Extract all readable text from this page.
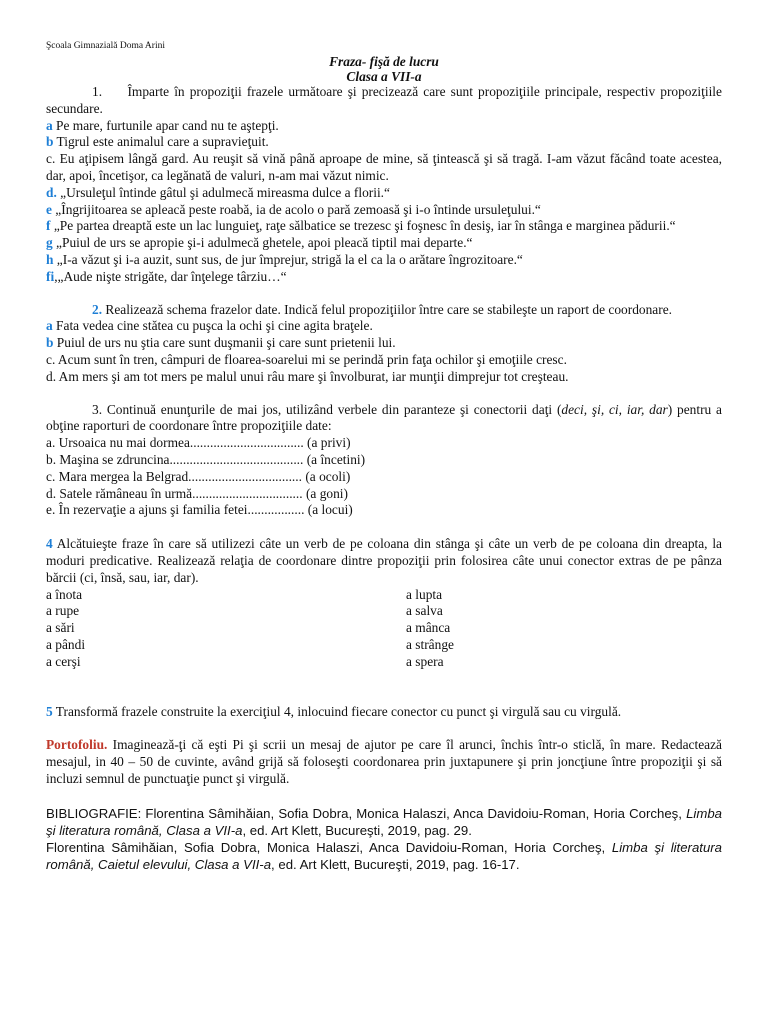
Şcoala Gimnazială Doma Arini
Fraza- fişă de lucru
Clasa a VII-a

1. Împarte în propoziţii frazele următoare şi precizează care sunt propoziţiile principale, respectiv propoziţiile secundare.

a Pe mare, furtunile apar cand nu te aştepţi.

b Tigrul este animalul care a supravieţuit.

c. Eu aţipisem lângă gard. Au reuşit să vină până aproape de mine, să ţintească şi să tragă. I-am văzut făcând toate acestea, dar, apoi, încetişor, ca legănată de valuri, n-am mai văzut nimic.

d. „Ursuleţul întinde gâtul şi adulmecă mireasma dulce a florii.“

e „Îngrijitoarea se apleacă peste roabă, ia de acolo o pară zemoasă şi i-o întinde ursuleţului.“

f „Pe partea dreaptă este un lac lunguieţ, raţe sălbatice se trezesc şi foşnesc în desiş, iar în stânga e marginea pădurii.“

g „Puiul de urs se apropie şi-i adulmecă ghetele, apoi pleacă tiptil mai departe.“

h „I-a văzut şi i-a auzit, sunt sus, de jur împrejur, strigă la el ca la o arătare îngrozitoare.“

fi,„Aude nişte strigăte, dar înţelege târziu…“

2. Realizează schema frazelor date. Indică felul propoziţiilor între care se stabileşte un raport de coordonare.

a Fata vedea cine stătea cu puşca la ochi şi cine agita braţele.

b Puiul de urs nu ştia care sunt duşmanii şi care sunt prietenii lui.

c. Acum sunt în tren, câmpuri de floarea-soarelui mi se perindă prin faţa ochilor şi emoţiile cresc.

d. Am mers şi am tot mers pe malul unui râu mare şi învolburat, iar munţii dimprejur tot creşteau.

3. Continuă enunţurile de mai jos, utilizând verbele din paranteze şi conectorii daţi (deci, şi, ci, iar, dar) pentru a obţine raporturi de coordonare între propoziţiile date:

a. Ursoaica nu mai dormea.................................. (a privi)

b. Maşina se zdruncina........................................ (a încetini)

c. Mara mergea la Belgrad.................................. (a ocoli)

d. Satele rămâneau în urmă................................. (a goni)

e. În rezervaţie a ajuns şi familia fetei................. (a locui)

4 Alcătuieşte fraze în care să utilizezi câte un verb de pe coloana din stânga şi câte un verb de pe coloana din dreapta, la moduri predicative. Realizează relaţia de coordonare dintre propoziţii prin folosirea câte unui conector extras de pe pânza bărcii (ci, însă, sau, iar, dar).

a înota
a rupe
a sări
a pândi
a cerşi
a lupta
a salva
a mânca
a strânge
a spera

5 Transformă frazele construite la exerciţiul 4, inlocuind fiecare conector cu punct şi virgulă sau cu virgulă.

Portofoliu. Imaginează-ţi că eşti Pi şi scrii un mesaj de ajutor pe care îl arunci, închis într-o sticlă, în mare. Redactează mesajul, in 40 – 50 de cuvinte, având grijă să foloseşti coordonarea prin juxtapunere şi prin joncţiune între propoziţii şi să incluzi semnul de punctuaţie punct şi virgulă.

BIBLIOGRAFIE: Florentina Sâmihăian, Sofia Dobra, Monica Halaszi, Anca Davidoiu-Roman, Horia Corcheş, Limba şi literatura română, Clasa a VII-a, ed. Art Klett, Bucureşti, 2019, pag. 29.

Florentina Sâmihăian, Sofia Dobra, Monica Halaszi, Anca Davidoiu-Roman, Horia Corcheş, Limba şi literatura română, Caietul elevului, Clasa a VII-a, ed. Art Klett, Bucureşti, 2019, pag. 16-17.
